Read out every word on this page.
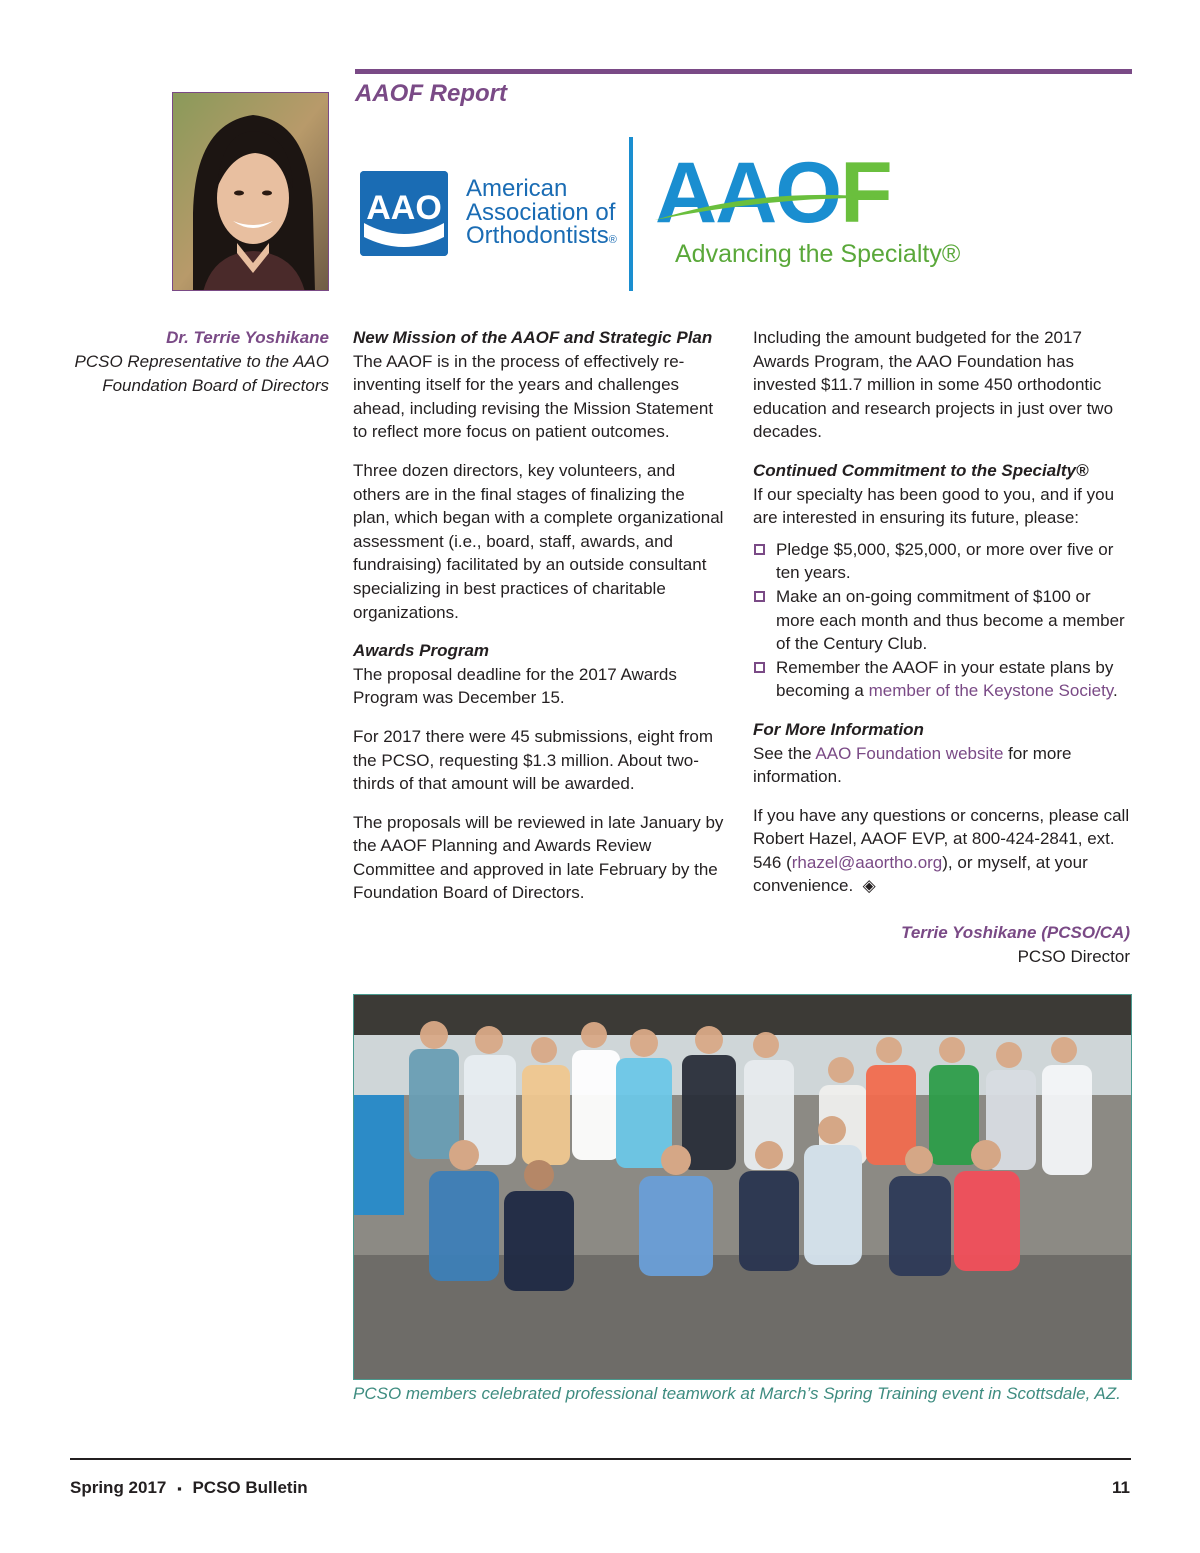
AAOF Report
AAO
American
Association of
Orthodontists® AAOF
Advancing the Specialty®
Dr. Terrie Yoshikane
PCSO Representative to the AAO
Foundation Board of Directors
New Mission of the AAOF and Strategic Plan

The AAOF is in the process of effectively re-inventing itself for the years and challenges ahead, including revising the Mission Statement to reflect more focus on patient outcomes.

Three dozen directors, key volunteers, and others are in the final stages of finalizing the plan, which began with a complete organizational assessment (i.e., board, staff, awards, and fundraising) facilitated by an outside consultant specializing in best practices of charitable organizations.

Awards Program

The proposal deadline for the 2017 Awards Program was December 15.

For 2017 there were 45 submissions, eight from the PCSO, requesting $1.3 million. About two-thirds of that amount will be awarded.

The proposals will be reviewed in late January by the AAOF Planning and Awards Review Committee and approved in late February by the Foundation Board of Directors.

Including the amount budgeted for the 2017 Awards Program, the AAO Foundation has invested $11.7 million in some 450 orthodontic education and research projects in just over two decades.

Continued Commitment to the Specialty®

If our specialty has been good to you, and if you are interested in ensuring its future, please:

Pledge $5,000, $25,000, or more over five or ten years.
Make an on-going commitment of $100 or more each month and thus become a member of the Century Club.
Remember the AAOF in your estate plans by becoming a member of the Keystone Society.
For More Information

See the AAO Foundation website for more information.

If you have any questions or concerns, please call Robert Hazel, AAOF EVP, at 800-424-2841, ext. 546 (rhazel@aaortho.org), or myself, at your convenience. ◈

Terrie Yoshikane (PCSO/CA)
PCSO Director
PCSO members celebrated professional teamwork at March’s Spring Training event in Scottsdale, AZ.
Spring 2017 ▪ PCSO Bulletin	11
